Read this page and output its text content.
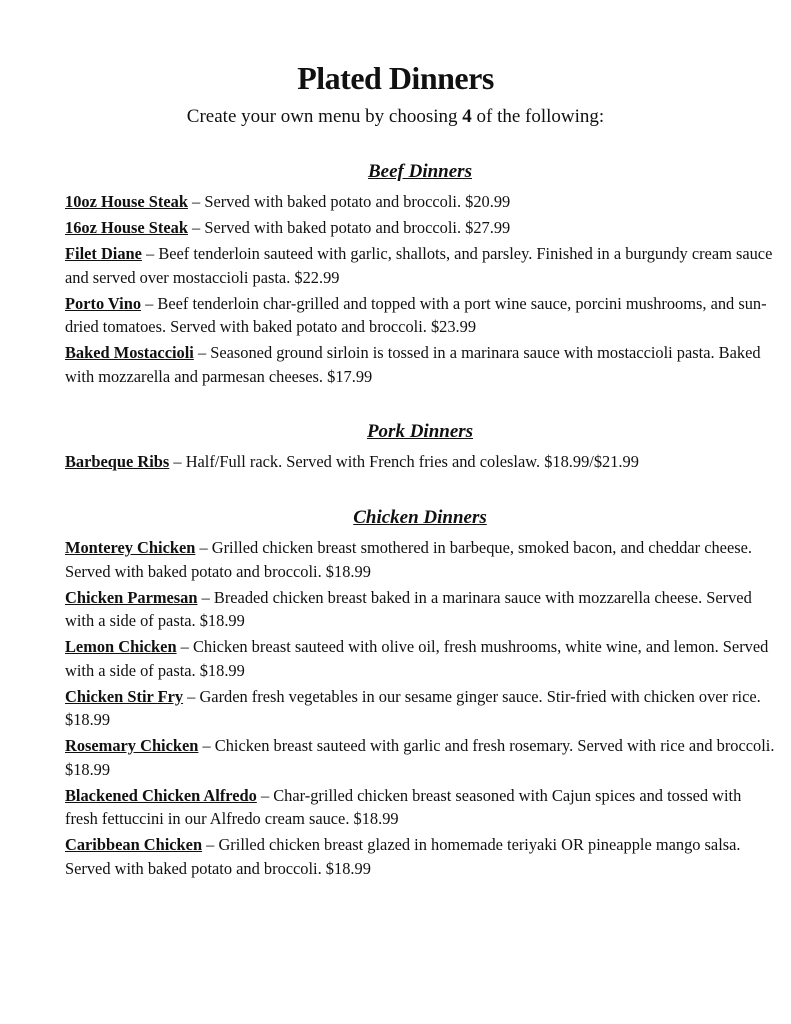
Plated Dinners
Create your own menu by choosing 4 of the following:
Beef Dinners
10oz House Steak – Served with baked potato and broccoli. $20.99
16oz House Steak – Served with baked potato and broccoli. $27.99
Filet Diane – Beef tenderloin sauteed with garlic, shallots, and parsley. Finished in a burgundy cream sauce and served over mostaccioli pasta. $22.99
Porto Vino – Beef tenderloin char-grilled and topped with a port wine sauce, porcini mushrooms, and sun-dried tomatoes. Served with baked potato and broccoli. $23.99
Baked Mostaccioli – Seasoned ground sirloin is tossed in a marinara sauce with mostaccioli pasta. Baked with mozzarella and parmesan cheeses. $17.99
Pork Dinners
Barbeque Ribs – Half/Full rack. Served with French fries and coleslaw. $18.99/$21.99
Chicken Dinners
Monterey Chicken – Grilled chicken breast smothered in barbeque, smoked bacon, and cheddar cheese. Served with baked potato and broccoli. $18.99
Chicken Parmesan – Breaded chicken breast baked in a marinara sauce with mozzarella cheese. Served with a side of pasta. $18.99
Lemon Chicken – Chicken breast sauteed with olive oil, fresh mushrooms, white wine, and lemon. Served with a side of pasta. $18.99
Chicken Stir Fry – Garden fresh vegetables in our sesame ginger sauce. Stir-fried with chicken over rice. $18.99
Rosemary Chicken – Chicken breast sauteed with garlic and fresh rosemary. Served with rice and broccoli. $18.99
Blackened Chicken Alfredo – Char-grilled chicken breast seasoned with Cajun spices and tossed with fresh fettuccini in our Alfredo cream sauce. $18.99
Caribbean Chicken – Grilled chicken breast glazed in homemade teriyaki OR pineapple mango salsa. Served with baked potato and broccoli. $18.99
